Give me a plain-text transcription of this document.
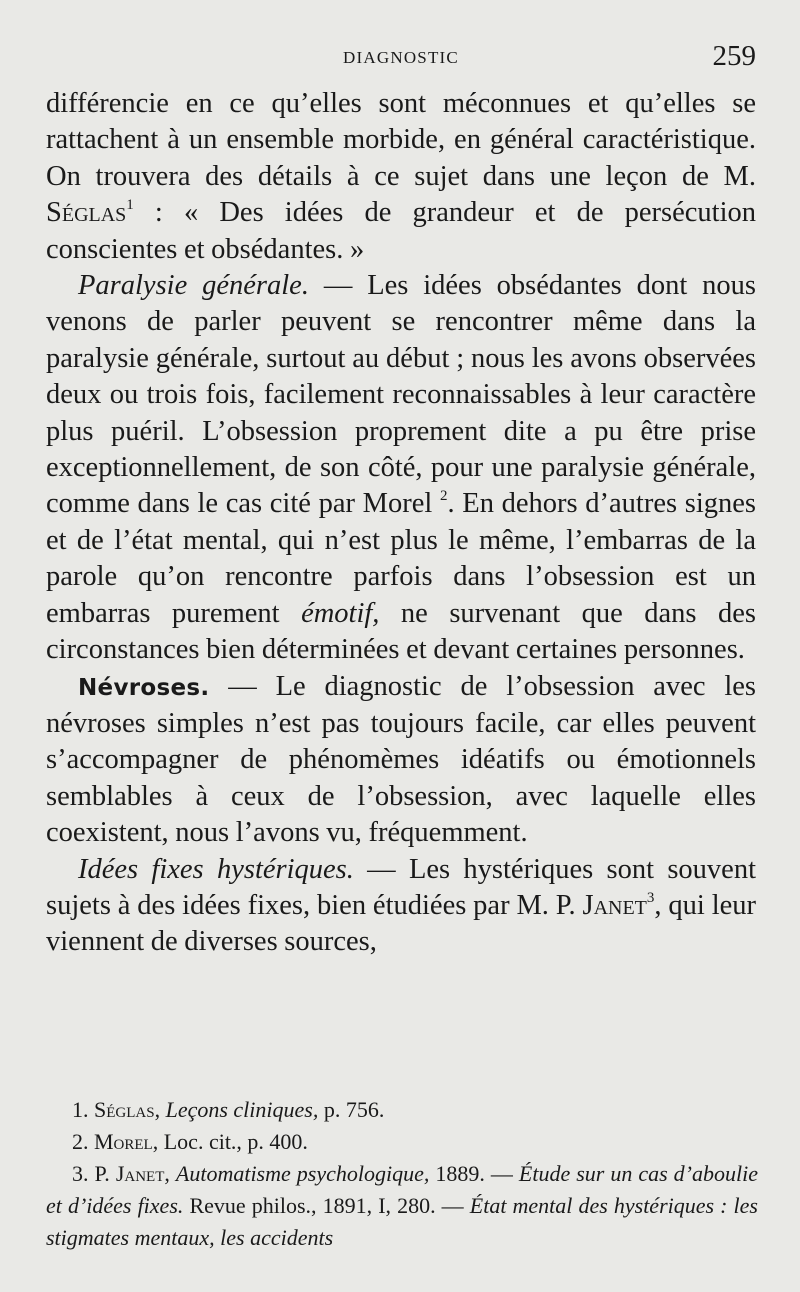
DIAGNOSTIC	259

différencie en ce qu’elles sont méconnues et qu’elles se rattachent à un ensemble morbide, en général caractéristique. On trouvera des détails à ce sujet dans une leçon de M. Séglas$^1$ : « Des idées de grandeur et de persécution conscientes et obsédantes. »

Paralysie générale. — Les idées obsédantes dont nous venons de parler peuvent se rencontrer même dans la paralysie générale, surtout au début ; nous les avons observées deux ou trois fois, facilement reconnaissables à leur caractère plus puéril. L’obsession proprement dite a pu être prise exceptionnellement, de son côté, pour une paralysie générale, comme dans le cas cité par Morel $^2$. En dehors d’autres signes et de l’état mental, qui n’est plus le même, l’embarras de la parole qu’on rencontre parfois dans l’obsession est un embarras purement émotif, ne survenant que dans des circonstances bien déterminées et devant certaines personnes.

Névroses. — Le diagnostic de l’obsession avec les névroses simples n’est pas toujours facile, car elles peuvent s’accompagner de phénomèmes idéatifs ou émotionnels semblables à ceux de l’obsession, avec laquelle elles coexistent, nous l’avons vu, fréquemment.

Idées fixes hystériques. — Les hystériques sont souvent sujets à des idées fixes, bien étudiées par M. P. Janet$^3$, qui leur viennent de diverses sources,

1. Séglas, Leçons cliniques, p. 756.

2. Morel, Loc. cit., p. 400.

3. P. Janet, Automatisme psychologique, 1889. — Étude sur un cas d’aboulie et d’idées fixes. Revue philos., 1891, I, 280. — État mental des hystériques : les stigmates mentaux, les accidents
